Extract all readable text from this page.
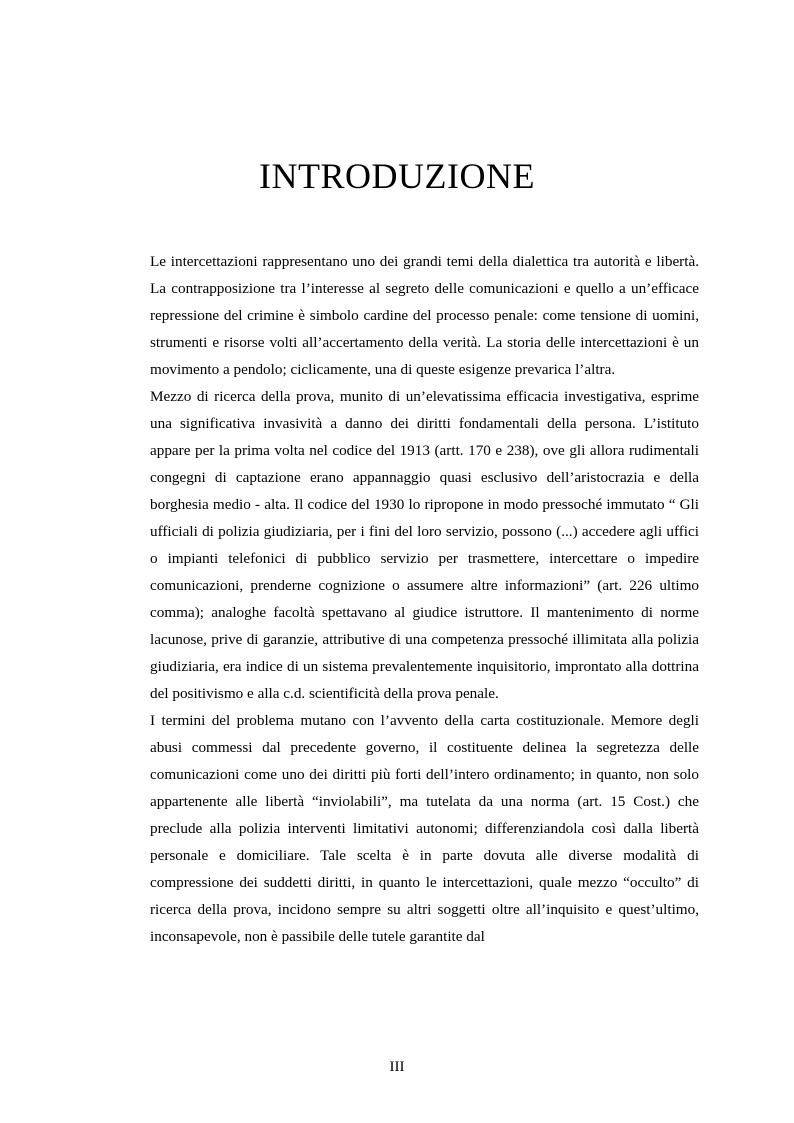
INTRODUZIONE

Le intercettazioni rappresentano uno dei grandi temi della dialettica tra autorità e libertà. La contrapposizione tra l’interesse al segreto delle comunicazioni e quello a un’efficace repressione del crimine è simbolo cardine del processo penale: come tensione di uomini, strumenti e risorse volti all’accertamento della verità. La storia delle intercettazioni è un movimento a pendolo; ciclicamente, una di queste esigenze prevarica l’altra.

Mezzo di ricerca della prova, munito di un’elevatissima efficacia investigativa, esprime una significativa invasività a danno dei diritti fondamentali della persona. L’istituto appare per la prima volta nel codice del 1913 (artt. 170 e 238), ove gli allora rudimentali congegni di captazione erano appannaggio quasi esclusivo dell’aristocrazia e della borghesia medio - alta. Il codice del 1930 lo ripropone in modo pressoché immutato “ Gli ufficiali di polizia giudiziaria, per i fini del loro servizio, possono (...) accedere agli uffici o impianti telefonici di pubblico servizio per trasmettere, intercettare o impedire comunicazioni, prenderne cognizione o assumere altre informazioni” (art. 226 ultimo comma); analoghe facoltà spettavano al giudice istruttore. Il mantenimento di norme lacunose, prive di garanzie, attributive di una competenza pressoché illimitata alla polizia giudiziaria, era indice di un sistema prevalentemente inquisitorio, improntato alla dottrina del positivismo e alla c.d. scientificità della prova penale.

I termini del problema mutano con l’avvento della carta costituzionale. Memore degli abusi commessi dal precedente governo, il costituente delinea la segretezza delle comunicazioni come uno dei diritti più forti dell’intero ordinamento; in quanto, non solo appartenente alle libertà “inviolabili”, ma tutelata da una norma (art. 15 Cost.) che preclude alla polizia interventi limitativi autonomi; differenziandola così dalla libertà personale e domiciliare. Tale scelta è in parte dovuta alle diverse modalità di compressione dei suddetti diritti, in quanto le intercettazioni, quale mezzo “occulto” di ricerca della prova, incidono sempre su altri soggetti oltre all’inquisito e quest’ultimo, inconsapevole, non è passibile delle tutele garantite dal

III
